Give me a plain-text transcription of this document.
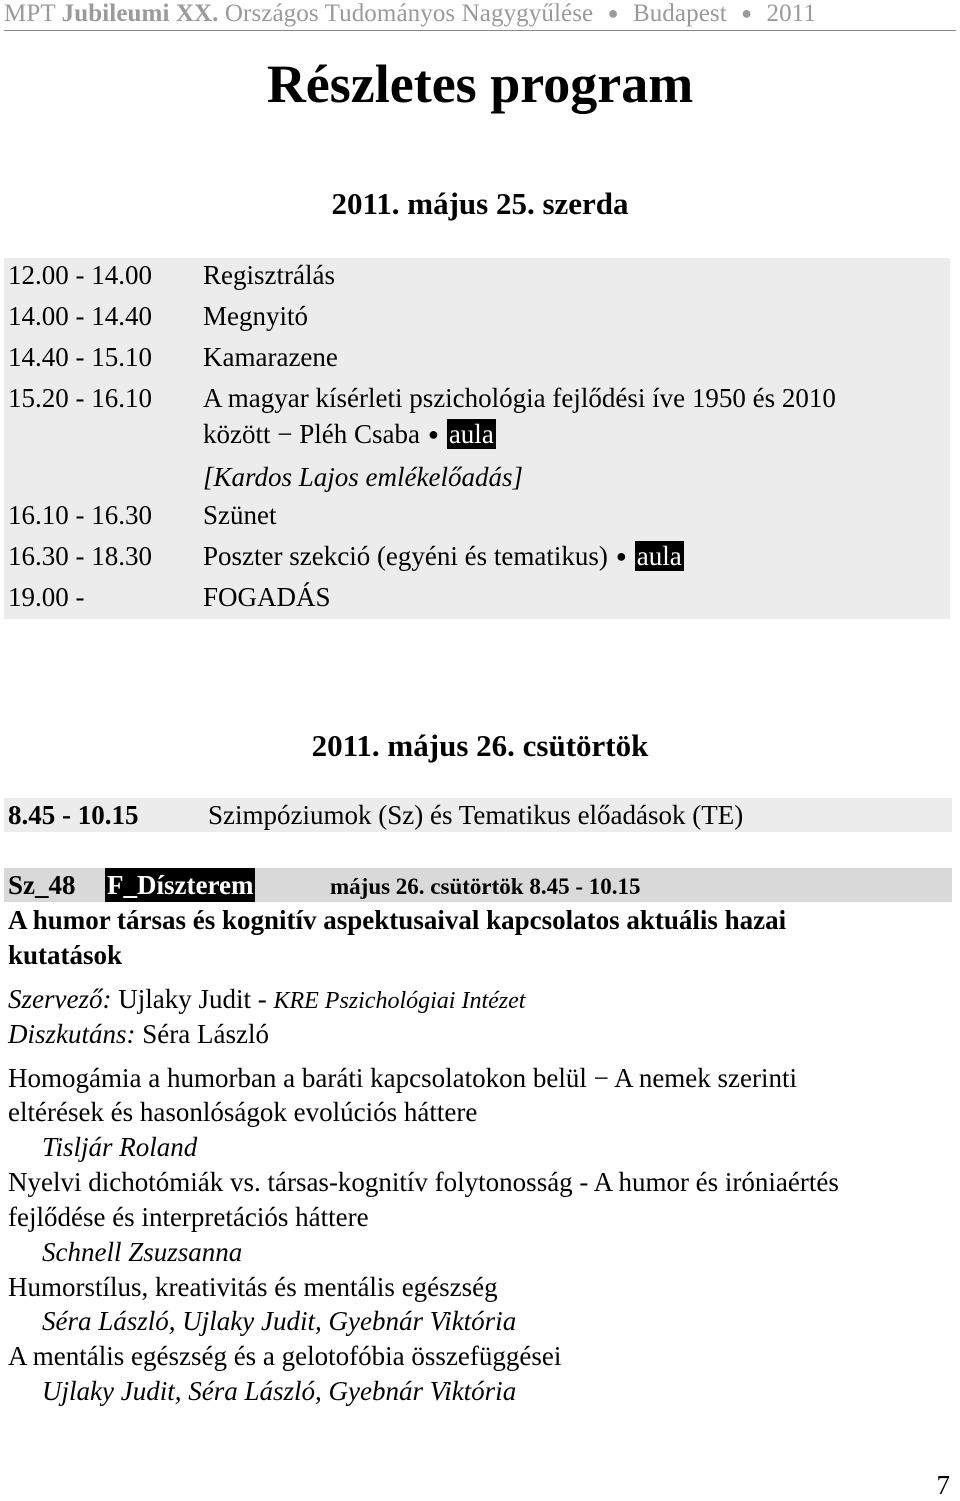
MPT Jubileumi XX. Országos Tudományos Nagygyűlése ● Budapest ● 2011
Részletes program
2011. május 25. szerda
12.00 - 14.00	Regisztrálás
14.00 - 14.40	Megnyitó
14.40 - 15.10	Kamarazene
15.20 - 16.10	A magyar kísérleti pszichológia fejlődési íve 1950 és 2010
között − Pléh Csaba ● aula
[Kardos Lajos emlékelőadás]
16.10 - 16.30	Szünet
16.30 - 18.30	Poszter szekció (egyéni és tematikus) ● aula
19.00 -	FOGADÁS
2011. május 26. csütörtök
8.45 - 10.15	Szimpóziumok (Sz) és Tematikus előadások (TE)
Sz_48 F_Díszterem	május 26. csütörtök 8.45 - 10.15
A humor társas és kognitív aspektusaival kapcsolatos aktuális hazai
kutatások
Szervező: Ujlaky Judit - KRE Pszichológiai Intézet
Diszkutáns: Séra László
Homogámia a humorban a baráti kapcsolatokon belül − A nemek szerinti
eltérések és hasonlóságok evolúciós háttere
Tisljár Roland
Nyelvi dichotómiák vs. társas-kognitív folytonosság - A humor és iróniaértés
fejlődése és interpretációs háttere
Schnell Zsuzsanna
Humorstílus, kreativitás és mentális egészség
Séra László, Ujlaky Judit, Gyebnár Viktória
A mentális egészség és a gelotofóbia összefüggései
Ujlaky Judit, Séra László, Gyebnár Viktória
7
